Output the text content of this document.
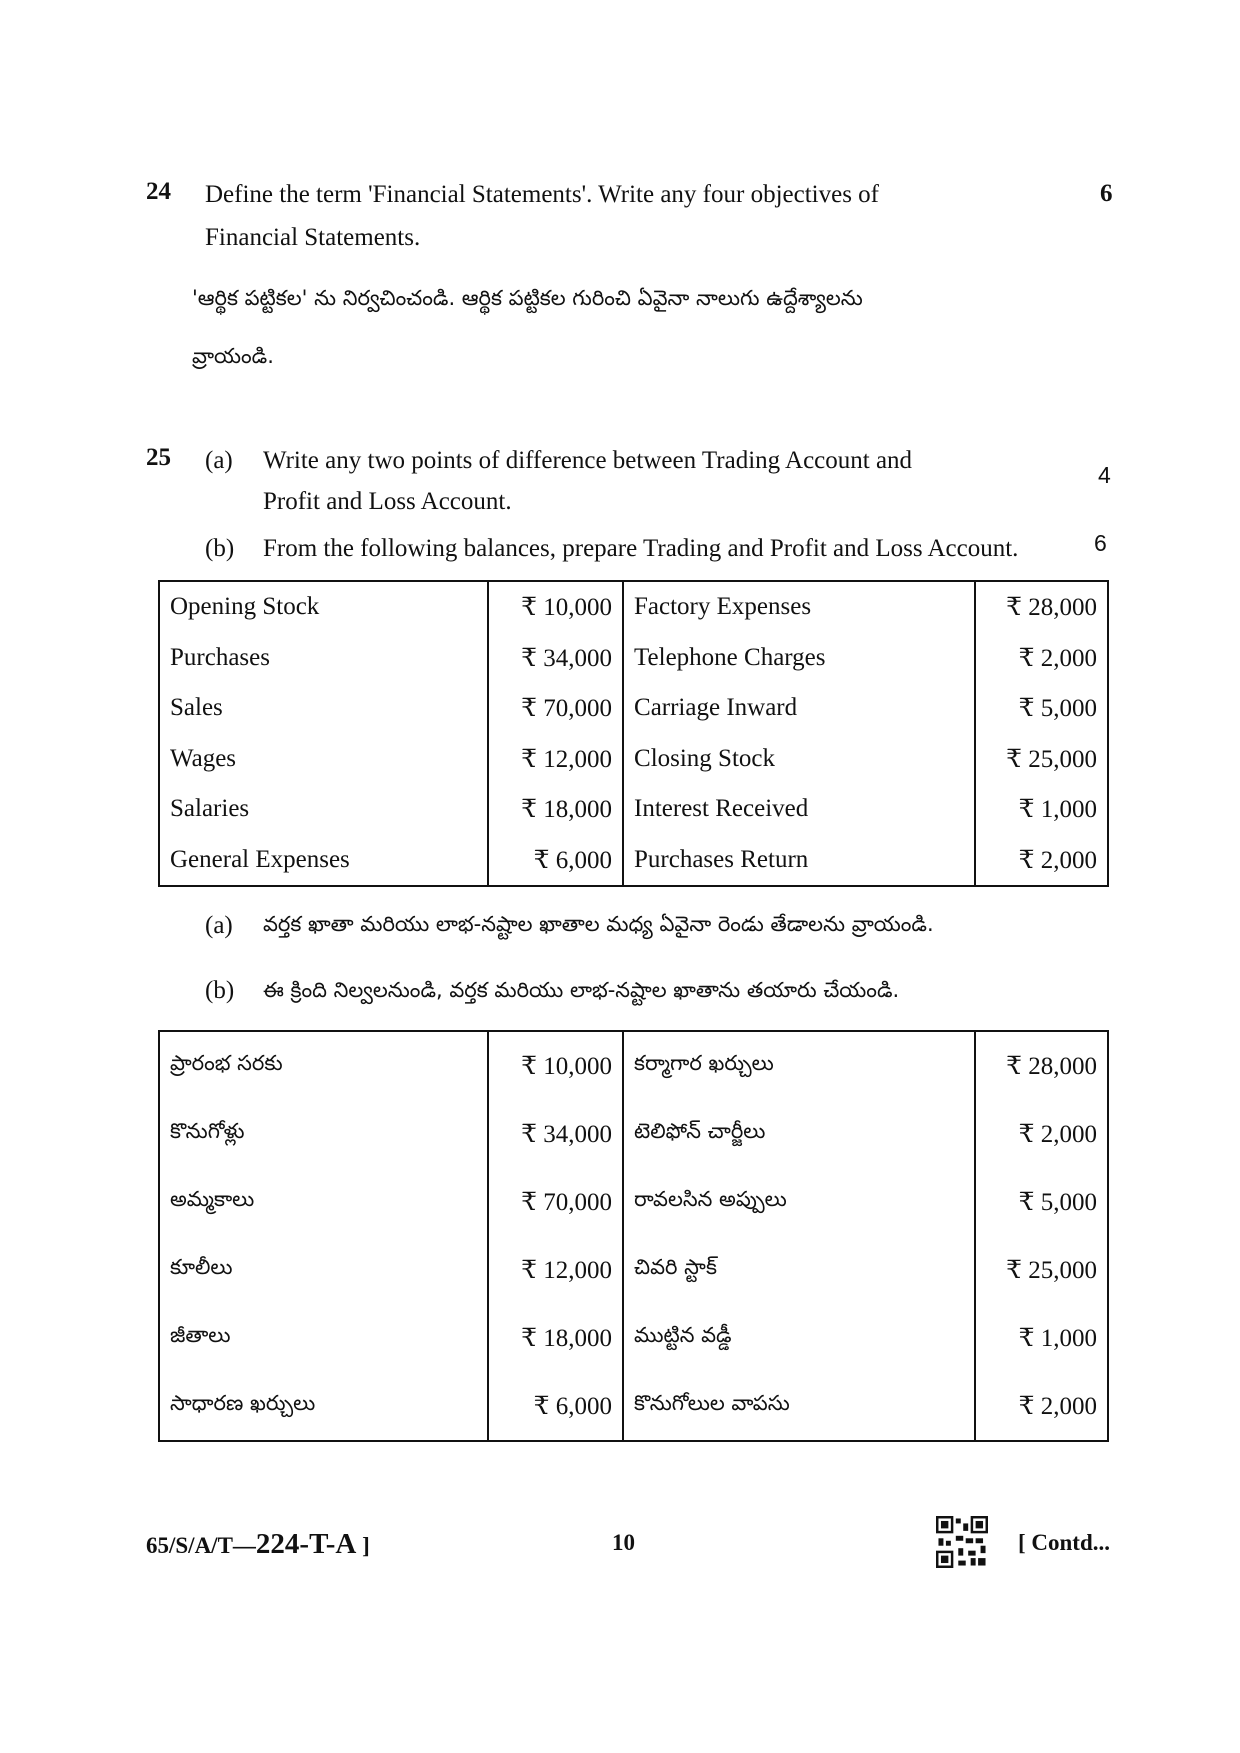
24 Define the term 'Financial Statements'. Write any four objectives of
Financial Statements.
6
'ఆర్థిక పట్టికల' ను నిర్వచించండి. ఆర్థిక పట్టికల గురించి ఏవైనా నాలుగు ఉద్దేశ్యాలను
వ్రాయండి.
25 (a) Write any two points of difference between Trading Account and
Profit and Loss Account.
4
(b) From the following balances, prepare Trading and Profit and Loss Account.	6
Opening Stock	₹ 10,000	Factory Expenses	₹ 28,000
Purchases	₹ 34,000	Telephone Charges	₹ 2,000
Sales	₹ 70,000	Carriage Inward	₹ 5,000
Wages	₹ 12,000	Closing Stock	₹ 25,000
Salaries	₹ 18,000	Interest Received	₹ 1,000
General Expenses	₹ 6,000	Purchases Return	₹ 2,000
(a) వర్తక ఖాతా మరియు లాభ-నష్టాల ఖాతాల మధ్య ఏవైనా రెండు తేడాలను వ్రాయండి.
(b) ఈ క్రింది నిల్వలనుండి, వర్తక మరియు లాభ-నష్టాల ఖాతాను తయారు చేయండి.
ప్రారంభ సరకు	₹ 10,000	కర్మాగార ఖర్చులు	₹ 28,000
కొనుగోళ్లు	₹ 34,000	టెలిఫోన్ చార్జీలు	₹ 2,000
అమ్మకాలు	₹ 70,000	రావలసిన అప్పులు	₹ 5,000
కూలీలు	₹ 12,000	చివరి స్టాక్	₹ 25,000
జీతాలు	₹ 18,000	ముట్టిన వడ్డీ	₹ 1,000
సాధారణ ఖర్చులు	₹ 6,000	కొనుగోలుల వాపసు	₹ 2,000
65/S/A/T—224-T-A ]	10	[ Contd...
